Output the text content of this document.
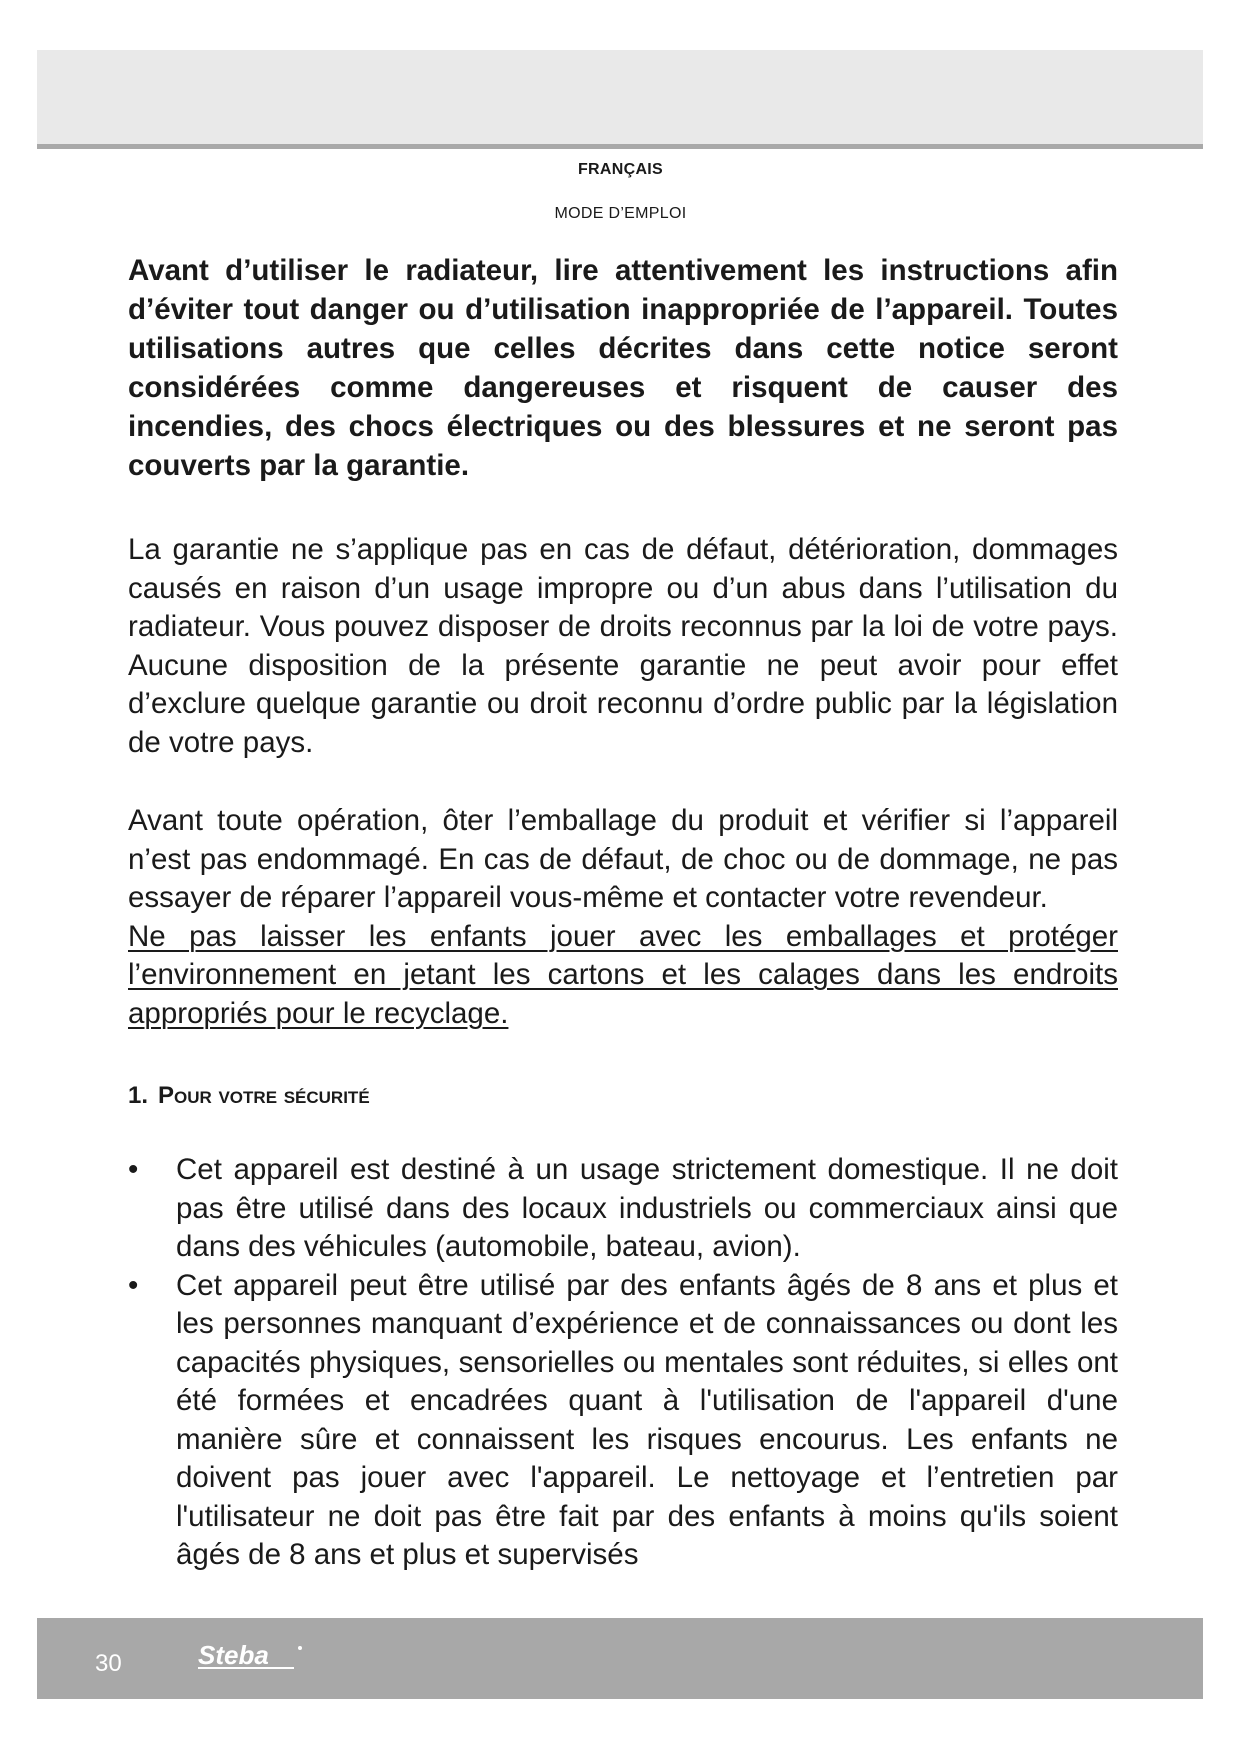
FRANÇAIS
MODE D’EMPLOI

Avant d’utiliser le radiateur, lire attentivement les instructions afin d’éviter tout danger ou d’utilisation inappropriée de l’appareil. Toutes utilisations autres que celles décrites dans cette notice seront considérées comme dangereuses et risquent de causer des incendies, des chocs électriques ou des blessures et ne seront pas couverts par la garantie.

La garantie ne s’applique pas en cas de défaut, détérioration, dommages causés en raison d’un usage impropre ou d’un abus dans l’utilisation du radiateur. Vous pouvez disposer de droits reconnus par la loi de votre pays. Aucune disposition de la présente garantie ne peut avoir pour effet d’exclure quelque garantie ou droit reconnu d’ordre public par la législation de votre pays.

Avant toute opération, ôter l’emballage du produit et vérifier si l’appareil n’est pas endommagé. En cas de défaut, de choc ou de dommage, ne pas essayer de réparer l’appareil vous-même et contacter votre revendeur.

Ne pas laisser les enfants jouer avec les emballages et protéger l’environnement en jetant les cartons et les calages dans les endroits appropriés pour le recyclage.

1. Pour votre sécurité
• Cet appareil est destiné à un usage strictement domestique. Il ne doit pas être utilisé dans des locaux industriels ou commerciaux ainsi que dans des véhicules (automobile, bateau, avion).
• Cet appareil peut être utilisé par des enfants âgés de 8 ans et plus et les personnes manquant d’expérience et de connaissances ou dont les capacités physiques, sensorielles ou mentales sont réduites, si elles ont été formées et encadrées quant à l'utilisation de l'appareil d'une manière sûre et connaissent les risques encourus. Les enfants ne doivent pas jouer avec l'appareil. Le nettoyage et l’entretien par l'utilisateur ne doit pas être fait par des enfants à moins qu'ils soient âgés de 8 ans et plus et supervisés
30	Steba
